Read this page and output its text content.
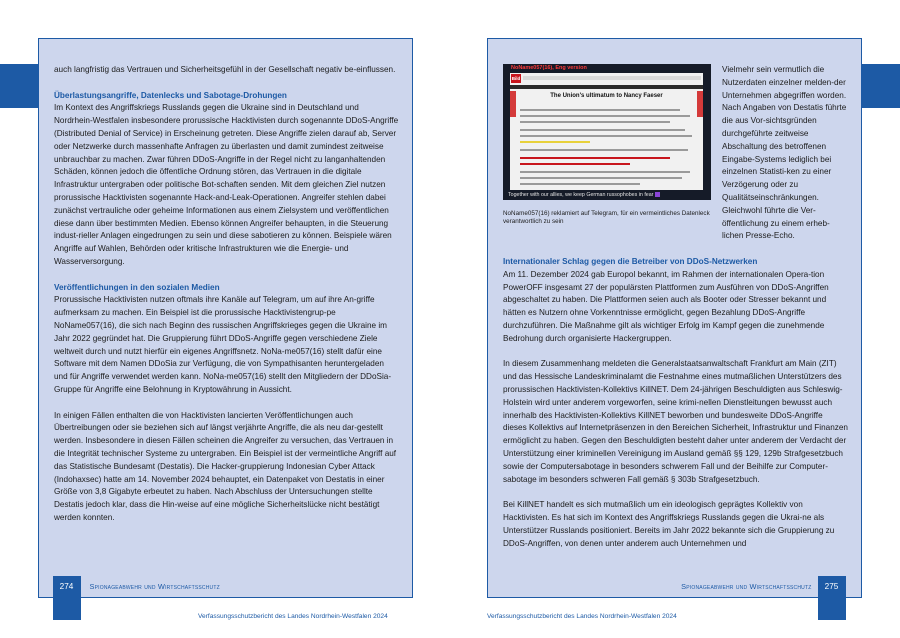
auch langfristig das Vertrauen und Sicherheitsgefühl in der Gesellschaft negativ be-einflussen.

Überlastungsangriffe, Datenlecks und Sabotage-Drohungen
Im Kontext des Angriffskriegs Russlands gegen die Ukraine sind in Deutschland und Nordrhein-Westfalen insbesondere prorussische Hacktivisten durch sogenannte DDoS-Angriffe (Distributed Denial of Service) in Erscheinung getreten. Diese Angriffe zielen darauf ab, Server oder Netzwerke durch massenhafte Anfragen zu überlasten und damit zumindest zeitweise unbrauchbar zu machen. Zwar führen DDoS-Angriffe in der Regel nicht zu langanhaltenden Schäden, können jedoch die öffentliche Ordnung stören, das Vertrauen in die digitale Infrastruktur untergraben oder politische Bot-schaften senden. Mit dem gleichen Ziel nutzen prorussische Hacktivisten sogenannte Hack-and-Leak-Operationen. Angreifer stehlen dabei zunächst vertrauliche oder geheime Informationen aus einem Zielsystem und veröffentlichen diese dann über bestimmten Medien. Ebenso können Angreifer behaupten, in die Steuerung indust-rieller Anlagen eingedrungen zu sein und diese sabotieren zu können. Beispiele wären Angriffe auf Wahlen, Behörden oder kritische Infrastrukturen wie die Energie- und Wasserversorgung.
Veröffentlichungen in den sozialen Medien
Prorussische Hacktivisten nutzen oftmals ihre Kanäle auf Telegram, um auf ihre An-griffe aufmerksam zu machen. Ein Beispiel ist die prorussische Hacktivistengrup-pe NoName057(16), die sich nach Beginn des russischen Angriffskrieges gegen die Ukraine im Jahr 2022 gegründet hat. Die Gruppierung führt DDoS-Angriffe gegen verschiedene Ziele weltweit durch und nutzt hierfür ein eigenes Angriffsnetz. NoNa-me057(16) stellt dafür eine Software mit dem Namen DDoSia zur Verfügung, die von Sympathisanten heruntergeladen und für Angriffe verwendet werden kann. NoNa-me057(16) stellt den Mitgliedern der DDoSia-Gruppe für Angriffe eine Belohnung in Kryptowährung in Aussicht.

In einigen Fällen enthalten die von Hacktivisten lancierten Veröffentlichungen auch Übertreibungen oder sie beziehen sich auf längst verjährte Angriffe, die als neu dar-gestellt werden. Insbesondere in diesen Fällen scheinen die Angreifer zu versuchen, das Vertrauen in die Integrität technischer Systeme zu untergraben. Ein Beispiel ist der vermeintliche Angriff auf das Statistische Bundesamt (Destatis). Die Hacker-gruppierung Indonesian Cyber Attack (Indohaxsec) hatte am 14. November 2024 behauptet, ein Datenpaket von Destatis in einer Größe von 3,8 Gigabyte erbeutet zu haben. Nach Abschluss der Untersuchungen stellte Destatis jedoch klar, dass die Hin-weise auf eine mögliche Sicherheitslücke nicht bestätigt werden konnten.

274	Spionageabwehr und Wirtschaftsschutz
NoName057(16), Eng version
Bild
The Union's ultimatum to Nancy Faeser
Together with our allies, we keep German russophobes in fear
NoName057(16) reklamiert auf Telegram, für ein vermeintliches Datenleck verantwortlich zu sein
Vielmehr sein vermutlich die Nutzerdaten einzelner melden-der Unternehmen abgegriffen worden. Nach Angaben von Destatis führte die aus Vor-sichtsgründen durchgeführte zeitweise Abschaltung des betroffenen Eingabe-Systems lediglich bei einzelnen Statisti-ken zu einer Verzögerung oder zu Qualitätseinschränkungen. Gleichwohl führte die Ver-öffentlichung zu einem erheb-lichen Presse-Echo.
Internationaler Schlag gegen die Betreiber von DDoS-Netzwerken
Am 11. Dezember 2024 gab Europol bekannt, im Rahmen der internationalen Opera-tion PowerOFF insgesamt 27 der populärsten Plattformen zum Ausführen von DDoS-Angriffen abgeschaltet zu haben. Die Plattformen seien auch als Booter oder Stresser bekannt und hätten es Nutzern ohne Vorkenntnisse ermöglicht, gegen Bezahlung DDoS-Angriffe durchzuführen. Die Maßnahme gilt als wichtiger Erfolg im Kampf gegen die zunehmende Bedrohung durch organisierte Hackergruppen.

In diesem Zusammenhang meldeten die Generalstaatsanwaltschaft Frankfurt am Main (ZIT) und das Hessische Landeskriminalamt die Festnahme eines mutmaßlichen Unterstützers des prorussischen Hacktivisten-Kollektivs KillNET. Dem 24-jährigen Beschuldigten aus Schleswig-Holstein wird unter anderem vorgeworfen, seine krimi-nellen Dienstleitungen bewusst auch innerhalb des Hacktivisten-Kollektivs KillNET beworben und bundesweite DDoS-Angriffe dieses Kollektivs auf Internetpräsenzen in den Bereichen Sicherheit, Infrastruktur und Finanzen ermöglicht zu haben. Gegen den Beschuldigten besteht daher unter anderem der Verdacht der Unterstützung einer kriminellen Vereinigung im Ausland gemäß §§ 129, 129b Strafgesetzbuch sowie der Computersabotage in besonders schwerem Fall und der Beihilfe zur Computer-sabotage im besonders schweren Fall gemäß § 303b Strafgesetzbuch.

Bei KillNET handelt es sich mutmaßlich um ein ideologisch geprägtes Kollektiv von Hacktivisten. Es hat sich im Kontext des Angriffskriegs Russlands gegen die Ukrai-ne als Unterstützer Russlands positioniert. Bereits im Jahr 2022 bekannte sich die Gruppierung zu DDoS-Angriffen, von denen unter anderem auch Unternehmen und

Spionageabwehr und Wirtschaftsschutz	275
Verfassungsschutzbericht des Landes Nordrhein-Westfalen 2024	Verfassungsschutzbericht des Landes Nordrhein-Westfalen 2024
